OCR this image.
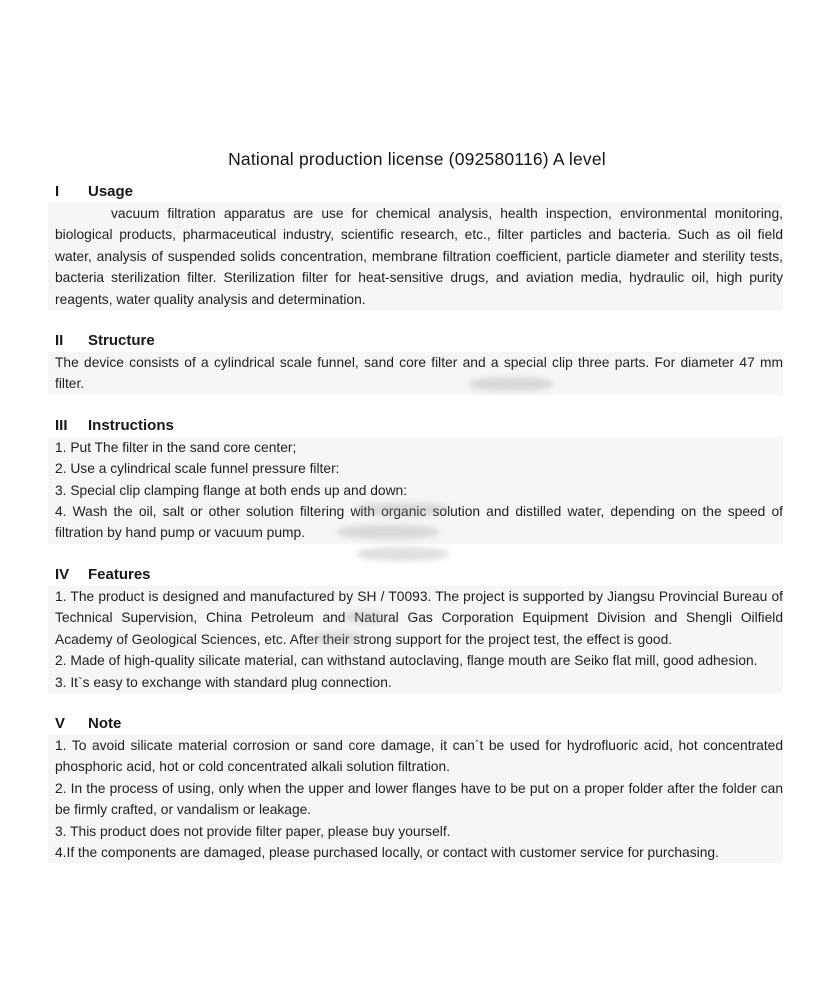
National production license (092580116) A level
I Usage

vacuum filtration apparatus are use for chemical analysis, health inspection, environmental monitoring, biological products, pharmaceutical industry, scientific research, etc., filter particles and bacteria. Such as oil field water, analysis of suspended solids concentration, membrane filtration coefficient, particle diameter and sterility tests, bacteria sterilization filter. Sterilization filter for heat-sensitive drugs, and aviation media, hydraulic oil, high purity reagents, water quality analysis and determination.

II Structure

The device consists of a cylindrical scale funnel, sand core filter and a special clip three parts. For diameter 47 mm filter.

III Instructions

1. Put The filter in the sand core center;

2. Use a cylindrical scale funnel pressure filter:

3. Special clip clamping flange at both ends up and down:

4. Wash the oil, salt or other solution filtering with organic solution and distilled water, depending on the speed of filtration by hand pump or vacuum pump.

IV Features

1. The product is designed and manufactured by SH / T0093. The project is supported by Jiangsu Provincial Bureau of Technical Supervision, China Petroleum and Natural Gas Corporation Equipment Division and Shengli Oilfield Academy of Geological Sciences, etc. After their strong support for the project test, the effect is good.

2. Made of high-quality silicate material, can withstand autoclaving, flange mouth are Seiko flat mill, good adhesion.

3. It`s easy to exchange with standard plug connection.

V Note

1. To avoid silicate material corrosion or sand core damage, it can`t be used for hydrofluoric acid, hot concentrated phosphoric acid, hot or cold concentrated alkali solution filtration.

2. In the process of using, only when the upper and lower flanges have to be put on a proper folder after the folder can be firmly crafted, or vandalism or leakage.

3. This product does not provide filter paper, please buy yourself.

4.If the components are damaged, please purchased locally, or contact with customer service for purchasing.
